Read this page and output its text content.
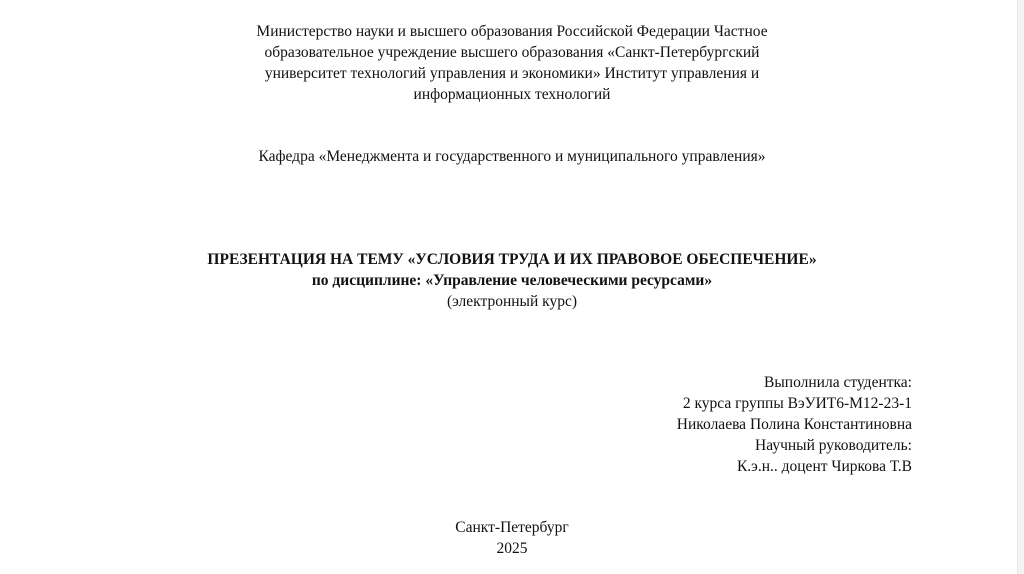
Министерство науки и высшего образования Российской Федерации Частное

образовательное учреждение высшего образования «Санкт-Петербургский

университет технологий управления и экономики» Институт управления и

информационных технологий

Кафедра «Менеджмента и государственного и муниципального управления»

ПРЕЗЕНТАЦИЯ НА ТЕМУ «УСЛОВИЯ ТРУДА И ИХ ПРАВОВОЕ ОБЕСПЕЧЕНИЕ»

по дисциплине: «Управление человеческими ресурсами»

(электронный курс)

Выполнила студентка:

2 курса группы ВэУИТ6-М12-23-1

Николаева Полина Константиновна

Научный руководитель:

К.э.н.. доцент Чиркова Т.В

Санкт-Петербург

2025
